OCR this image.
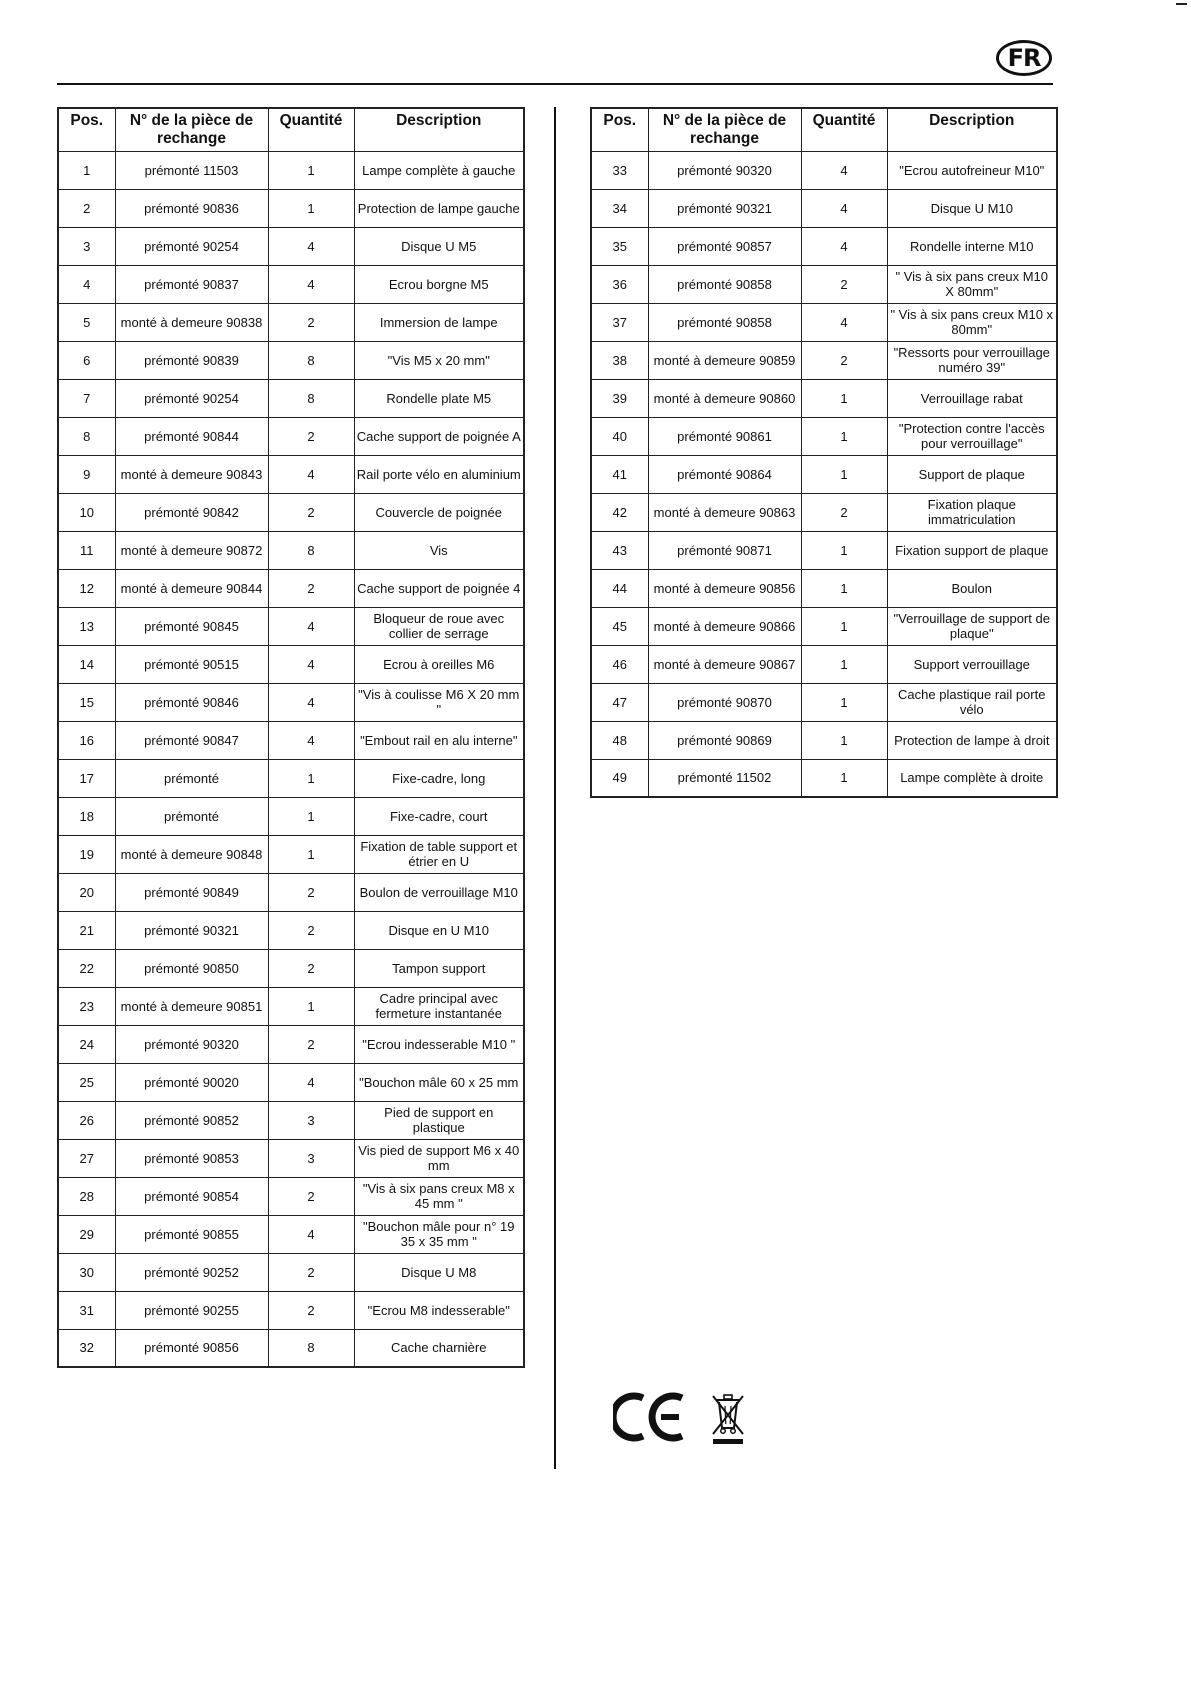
FR
Pos.	N° de la pièce de rechange	Quantité	Description
1	prémonté 11503	1	Lampe complète à gauche
2	prémonté 90836	1	Protection de lampe gauche
3	prémonté 90254	4	Disque U M5
4	prémonté 90837	4	Ecrou borgne M5
5	monté à demeure 90838	2	Immersion de lampe
6	prémonté 90839	8	"Vis M5 x 20 mm"
7	prémonté 90254	8	Rondelle plate M5
8	prémonté 90844	2	Cache support de poignée A
9	monté à demeure 90843	4	Rail porte vélo en aluminium
10	prémonté 90842	2	Couvercle de poignée
11	monté à demeure 90872	8	Vis
12	monté à demeure 90844	2	Cache support de poignée 4
13	prémonté 90845	4	Bloqueur de roue avec collier de serrage
14	prémonté 90515	4	Ecrou à oreilles M6
15	prémonté 90846	4	"Vis à coulisse M6 X 20 mm "
16	prémonté 90847	4	"Embout rail en alu interne"
17	prémonté	1	Fixe-cadre, long
18	prémonté	1	Fixe-cadre, court
19	monté à demeure 90848	1	Fixation de table support et étrier en U
20	prémonté 90849	2	Boulon de verrouillage M10
21	prémonté 90321	2	Disque en U M10
22	prémonté 90850	2	Tampon support
23	monté à demeure 90851	1	Cadre principal avec fermeture instantanée
24	prémonté 90320	2	"Ecrou indesserable M10 "
25	prémonté 90020	4	"Bouchon mâle 60 x 25 mm
26	prémonté 90852	3	Pied de support en plastique
27	prémonté 90853	3	Vis pied de support M6 x 40 mm
28	prémonté 90854	2	"Vis à six pans creux M8 x 45 mm "
29	prémonté 90855	4	"Bouchon mâle pour n° 19 35 x 35 mm "
30	prémonté 90252	2	Disque U M8
31	prémonté 90255	2	"Ecrou M8 indesserable"
32	prémonté 90856	8	Cache charnière
Pos.	N° de la pièce de rechange	Quantité	Description
33	prémonté 90320	4	"Ecrou autofreineur M10"
34	prémonté 90321	4	Disque U M10
35	prémonté 90857	4	Rondelle interne M10
36	prémonté 90858	2	" Vis à six pans creux M10 X 80mm"
37	prémonté 90858	4	" Vis à six pans creux M10 x 80mm"
38	monté à demeure 90859	2	"Ressorts pour verrouillage numéro 39"
39	monté à demeure 90860	1	Verrouillage rabat
40	prémonté 90861	1	"Protection contre l'accès pour verrouillage"
41	prémonté 90864	1	Support de plaque
42	monté à demeure 90863	2	Fixation plaque immatriculation
43	prémonté 90871	1	Fixation support de plaque
44	monté à demeure 90856	1	Boulon
45	monté à demeure 90866	1	"Verrouillage de support de plaque"
46	monté à demeure 90867	1	Support verrouillage
47	prémonté 90870	1	Cache plastique rail porte vélo
48	prémonté 90869	1	Protection de lampe à droit
49	prémonté 11502	1	Lampe complète à droite
